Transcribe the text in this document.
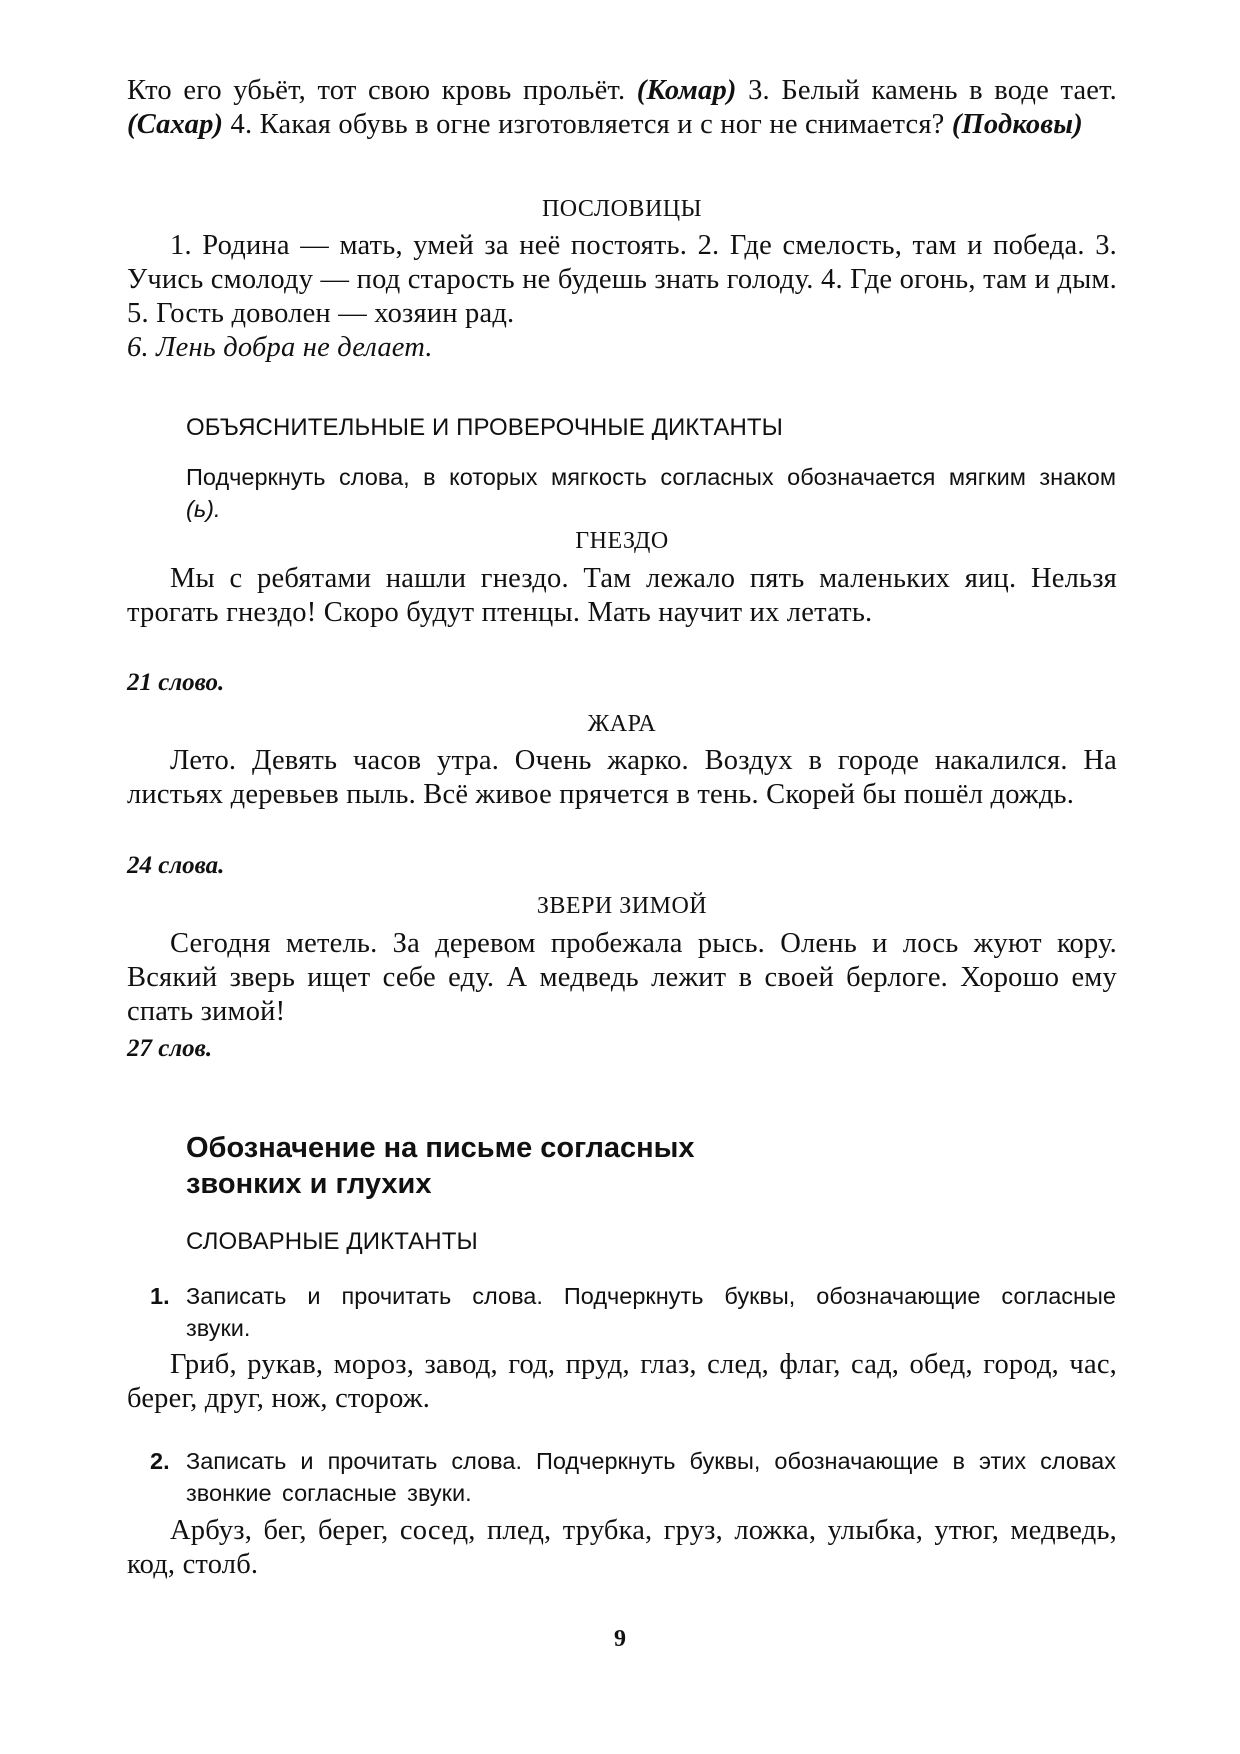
Кто его убьёт, тот свою кровь прольёт. (Комар) 3. Белый камень в воде тает. (Сахар) 4. Какая обувь в огне изготовляется и с ног не снимается? (Подковы)

ПОСЛОВИЦЫ

1. Родина — мать, умей за неё постоять. 2. Где смелость, там и победа. 3. Учись смолоду — под старость не будешь знать голоду. 4. Где огонь, там и дым. 5. Гость доволен — хозяин рад.

6. Лень добра не делает.
ОБЪЯСНИТЕЛЬНЫЕ И ПРОВЕРОЧНЫЕ ДИКТАНТЫ

Подчеркнуть слова, в которых мягкость согласных обозначается мягким знаком (ь).

ГНЕЗДО
Мы с ребятами нашли гнездо. Там лежало пять маленьких яиц. Нельзя трогать гнездо! Скоро будут птенцы. Мать научит их летать.
21 слово.
ЖАРА
Лето. Девять часов утра. Очень жарко. Воздух в городе накалился. На листьях деревьев пыль. Всё живое прячется в тень. Скорей бы пошёл дождь.
24 слова.
ЗВЕРИ ЗИМОЙ
Сегодня метель. За деревом пробежала рысь. Олень и лось жуют кору. Всякий зверь ищет себе еду. А медведь лежит в своей берлоге. Хорошо ему спать зимой!
27 слов.
Обозначение на письме согласных
звонких и глухих
СЛОВАРНЫЕ ДИКТАНТЫ
1. Записать и прочитать слова. Подчеркнуть буквы, обозначающие согласные звуки.
Гриб, рукав, мороз, завод, год, пруд, глаз, след, флаг, сад, обед, город, час, берег, друг, нож, сторож.
2. Записать и прочитать слова. Подчеркнуть буквы, обозначающие в этих словах звонкие согласные звуки.
Арбуз, бег, берег, сосед, плед, трубка, груз, ложка, улыбка, утюг, медведь, код, столб.
9
